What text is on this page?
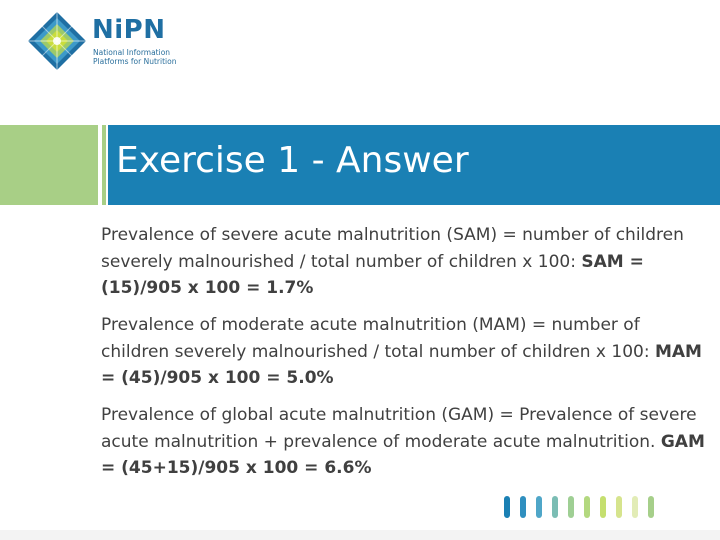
NiPN
National Information
Platforms for Nutrition
Exercise 1 - Answer

Prevalence of severe acute malnutrition (SAM) = number of children severely malnourished / total number of children x 100: SAM =(15)/905 x 100 = 1.7%

Prevalence of moderate acute malnutrition (MAM) = number of children severely malnourished / total number of children x 100: MAM = (45)/905 x 100 = 5.0%

Prevalence of global acute malnutrition (GAM) = Prevalence of severe acute malnutrition + prevalence of moderate acute malnutrition. GAM = (45+15)/905 x 100 = 6.6%
